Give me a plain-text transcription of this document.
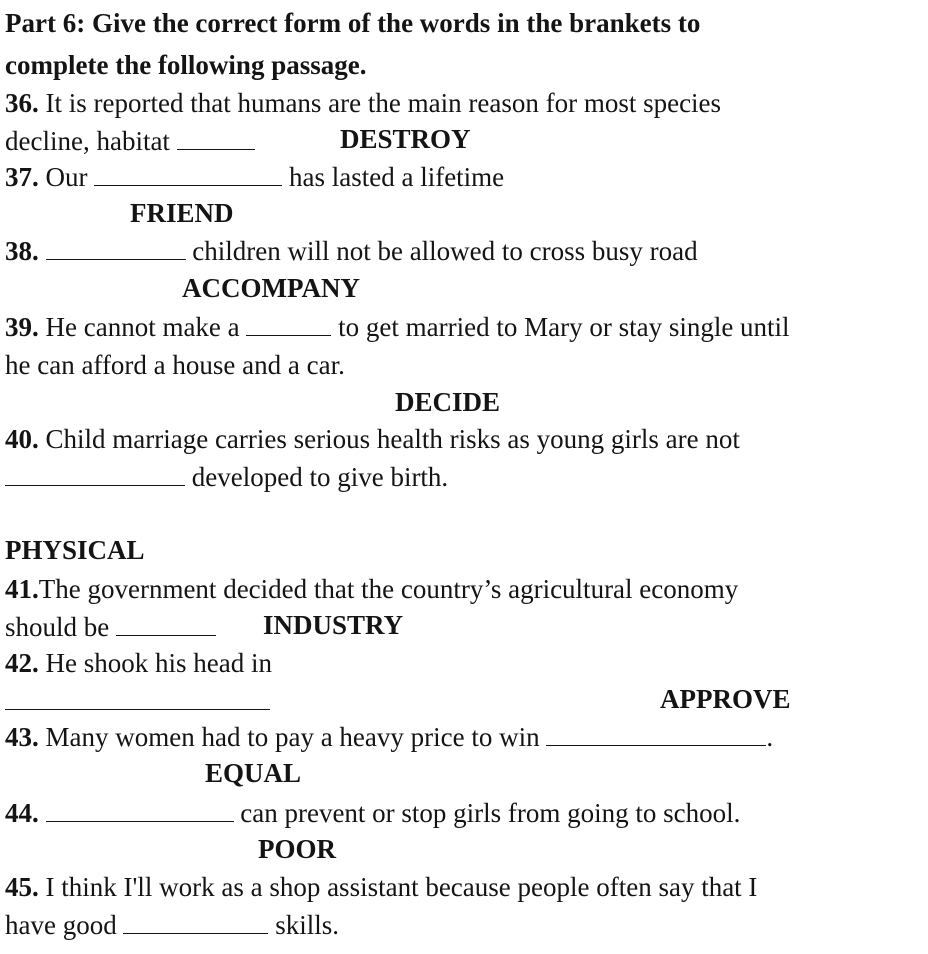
Part 6: Give the correct form of the words in the brankets to
complete the following passage.
36. It is reported that humans are the main reason for most species
decline, habitat	DESTROY
37. Our	has lasted a lifetime
FRIEND
38.	children will not be allowed to cross busy road
ACCOMPANY
39. He cannot make a	to get married to Mary or stay single until
he can afford a house and a car.
DECIDE
40. Child marriage carries serious health risks as young girls are not
developed to give birth.
PHYSICAL
41.The government decided that the country’s agricultural economy
should be	INDUSTRY
42. He shook his head in
APPROVE
43. Many women had to pay a heavy price to win	.
EQUAL
44.	can prevent or stop girls from going to school.
POOR
45. I think I'll work as a shop assistant because people often say that I
have good	skills.
